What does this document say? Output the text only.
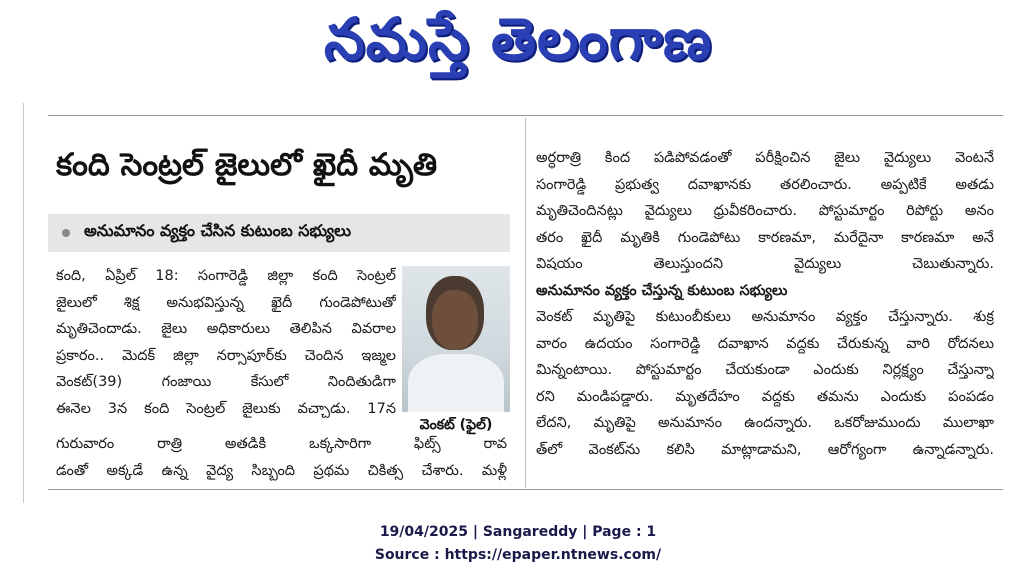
నమస్తే తెలంగాణ
కంది సెంట్రల్‌ జైలులో ఖైదీ మృతి
అనుమానం వ్యక్తం చేసిన కుటుంబ సభ్యులు
కంది, ఏప్రిల్‌ 18: సంగారెడ్డి జిల్లా కంది సెంట్రల్‌
జైలులో శిక్ష అనుభవిస్తున్న ఖైదీ గుండెపోటుతో
మృతిచెందాడు. జైలు అధికారులు తెలిపిన వివరాల
ప్రకారం.. మెదక్‌ జిల్లా నర్సాపూర్‌కు చెందిన ఇజ్మల
వెంకట్‌(39) గంజాయి కేసులో నిందితుడిగా
ఈనెల 3న కంది సెంట్రల్‌ జైలుకు వచ్చాడు. 17న
వెంకట్‌ (ఫైల్‌)
గురువారం రాత్రి అతడికి ఒక్కసారిగా ఫిట్స్‌ రావ
డంతో అక్కడే ఉన్న వైద్య సిబ్బంది ప్రథమ చికిత్స చేశారు. మళ్లీ
అర్ధరాత్రి కింద పడిపోవడంతో పరీక్షించిన జైలు వైద్యులు వెంటనే
సంగారెడ్డి ప్రభుత్వ దవాఖానకు తరలించారు. అప్పటికే అతడు
మృతిచెందినట్లు వైద్యులు ధ్రువీకరించారు. పోస్టుమార్టం రిపోర్టు అనం
తరం ఖైదీ మృతికి గుండెపోటు కారణమా, మరేదైనా కారణమా అనే
విషయం తెలుస్తుందని వైద్యులు చెబుతున్నారు.
అనుమానం వ్యక్తం చేస్తున్న కుటుంబ సభ్యులు
వెంకట్‌ మృతిపై కుటుంబీకులు అనుమానం వ్యక్తం చేస్తున్నారు. శుక్ర
వారం ఉదయం సంగారెడ్డి దవాఖాన వద్దకు చేరుకున్న వారి రోదనలు
మిన్నంటాయి. పోస్టుమార్టం చేయకుండా ఎందుకు నిర్లక్ష్యం చేస్తున్నా
రని మండిపడ్డారు. మృతదేహం వద్దకు తమను ఎందుకు పంపడం
లేదని, మృతిపై అనుమానం ఉందన్నారు. ఒకరోజుముందు ములాఖా
త్‌లో వెంకట్‌ను కలిసి మాట్లాడామని, ఆరోగ్యంగా ఉన్నాడన్నారు.
19/04/2025 | Sangareddy | Page : 1
Source : https://epaper.ntnews.com/
